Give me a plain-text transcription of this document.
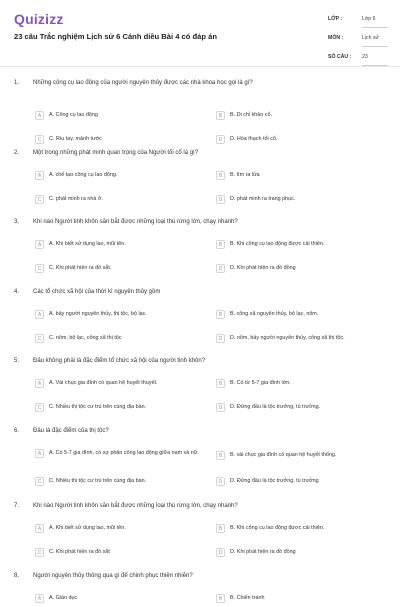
Quizizz
23 câu Trắc nghiệm Lịch sử 6 Cánh diều Bài 4 có đáp án
LỚP :	Lớp 6
MÔN :	Lịch sử
SỐ CÂU :	23
1. Những công cụ lao động của người nguyên thủy được các nhà khoa học gọi là gì?
A	A. Công cụ lao động	B	B. Di chỉ khảo cổ.
C	C. Rìu tay, mảnh tước	D	D. Hóa thạch tối cổ.
2. Một trong những phát minh quan trọng của Người tối cổ là gì?
A	A. chế tạo công cụ lao động.	B	B. tìm ra lửa
C	C. phát minh ra nhà ở.	D	D. phát minh ra trang phục.
3. Khi nào Người tinh khôn săn bắt được những loại thú rừng lớn, chạy nhanh?
A	A. Khi biết sử dụng lao, mũi tên.	B	B. Khi công cụ lao động được cải thiện.
C	C. Khi phát hiện ra đồ sắt.	D	D. Khi phát hiện ra đồ đồng
4. Các tổ chức xã hội của thời kì nguyên thủy gồm
A	A. bầy người nguyên thủy, thị tộc, bộ lạc.	B	B. công xã nguyên thủy, bộ lạc, nôm.
C	C. nôm, bộ lạc, công xã thị tộc	D	D. nôm, bầy người nguyên thủy, công xã thị tộc.
5. Đâu không phải là đặc điểm tổ chức xã hội của người tinh khôn?
A	A. Vài chục gia đình có quan hệ huyết thuyết.	B	B. Có từ 5-7 gia đình lớn.
C	C. Nhiều thị tộc cư trú trên cùng địa bàn.	D	D. Đứng đầu là tộc trưởng, tù trưởng.
6. Đâu là đặc điểm của thị tộc?
A	A. Có 5-7 gia đình, có sự phân công lao động giữa nam và nữ.	B	B. vài chục gia đình có quan hệ huyết thống.
C	C. Nhiều thị tộc cư trú trên cùng địa bàn.	D	D. Đứng đầu là tộc trưởng, tù trưởng
7. Khi nào Người tinh khôn săn bắt được những loại thú rừng lớn, chạy nhanh?
A	A. Khi biết sử dụng lao, mũi tên.	B	B. Khi công cụ lao động được cải thiện.
C	C. Khi phát hiện ra đồ sắt	D	D. Khi phát hiện ra đồ đồng
8. Người nguyên thủy thông qua gì để chinh phục thiên nhiên?
A	A. Giáo dục	B	B. Chiến tranh
